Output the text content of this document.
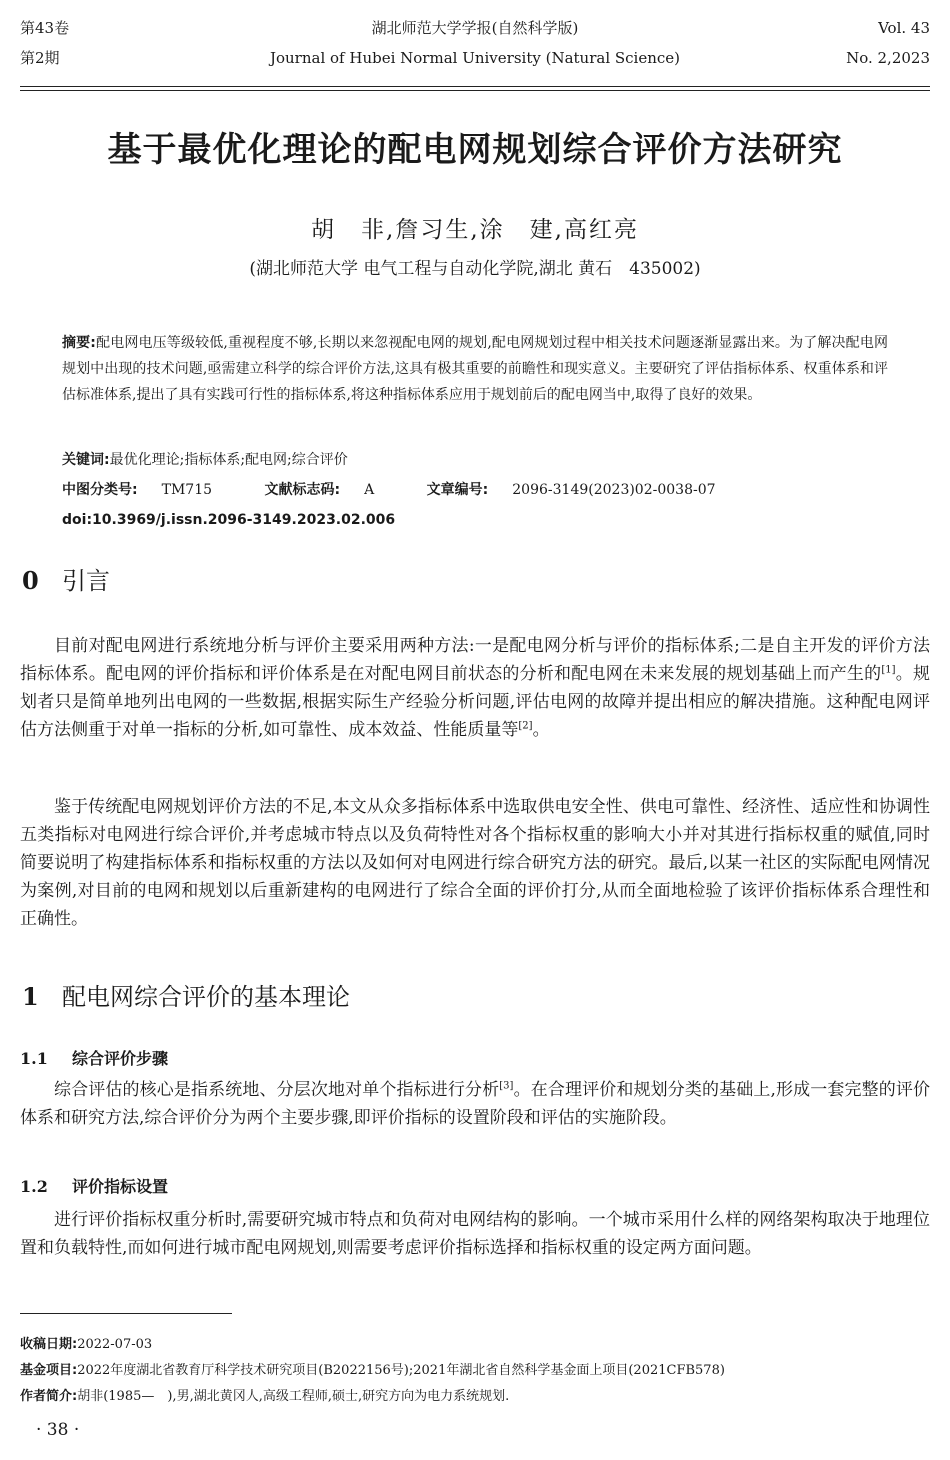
第43卷
第2期
湖北师范大学学报(自然科学版)
Journal of Hubei Normal University (Natural Science)
Vol. 43
No. 2,2023
基于最优化理论的配电网规划综合评价方法研究
胡　非,詹习生,涂　建,高红亮
(湖北师范大学 电气工程与自动化学院,湖北 黄石　435002)
摘要:配电网电压等级较低,重视程度不够,长期以来忽视配电网的规划,配电网规划过程中相关技术问题逐渐显露出来。为了解决配电网规划中出现的技术问题,亟需建立科学的综合评价方法,这具有极其重要的前瞻性和现实意义。主要研究了评估指标体系、权重体系和评估标准体系,提出了具有实践可行性的指标体系,将这种指标体系应用于规划前后的配电网当中,取得了良好的效果。
关键词:最优化理论;指标体系;配电网;综合评价
中图分类号: TM715	文献标志码: A	文章编号: 2096-3149(2023)02-0038-07
doi:10.3969/j.issn.2096-3149.2023.02.006
0 引言
目前对配电网进行系统地分析与评价主要采用两种方法:一是配电网分析与评价的指标体系;二是自主开发的评价方法指标体系。配电网的评价指标和评价体系是在对配电网目前状态的分析和配电网在未来发展的规划基础上而产生的[1]。规划者只是简单地列出电网的一些数据,根据实际生产经验分析问题,评估电网的故障并提出相应的解决措施。这种配电网评估方法侧重于对单一指标的分析,如可靠性、成本效益、性能质量等[2]。
鉴于传统配电网规划评价方法的不足,本文从众多指标体系中选取供电安全性、供电可靠性、经济性、适应性和协调性五类指标对电网进行综合评价,并考虑城市特点以及负荷特性对各个指标权重的影响大小并对其进行指标权重的赋值,同时简要说明了构建指标体系和指标权重的方法以及如何对电网进行综合研究方法的研究。最后,以某一社区的实际配电网情况为案例,对目前的电网和规划以后重新建构的电网进行了综合全面的评价打分,从而全面地检验了该评价指标体系合理性和正确性。
1 配电网综合评价的基本理论
1.1 综合评价步骤
综合评估的核心是指系统地、分层次地对单个指标进行分析[3]。在合理评价和规划分类的基础上,形成一套完整的评价体系和研究方法,综合评价分为两个主要步骤,即评价指标的设置阶段和评估的实施阶段。
1.2 评价指标设置
进行评价指标权重分析时,需要研究城市特点和负荷对电网结构的影响。一个城市采用什么样的网络架构取决于地理位置和负载特性,而如何进行城市配电网规划,则需要考虑评价指标选择和指标权重的设定两方面问题。
收稿日期:2022-07-03
基金项目:2022年度湖北省教育厅科学技术研究项目(B2022156号);2021年湖北省自然科学基金面上项目(2021CFB578)
作者简介:胡非(1985—　),男,湖北黄冈人,高级工程师,硕士,研究方向为电力系统规划.
· 38 ·
